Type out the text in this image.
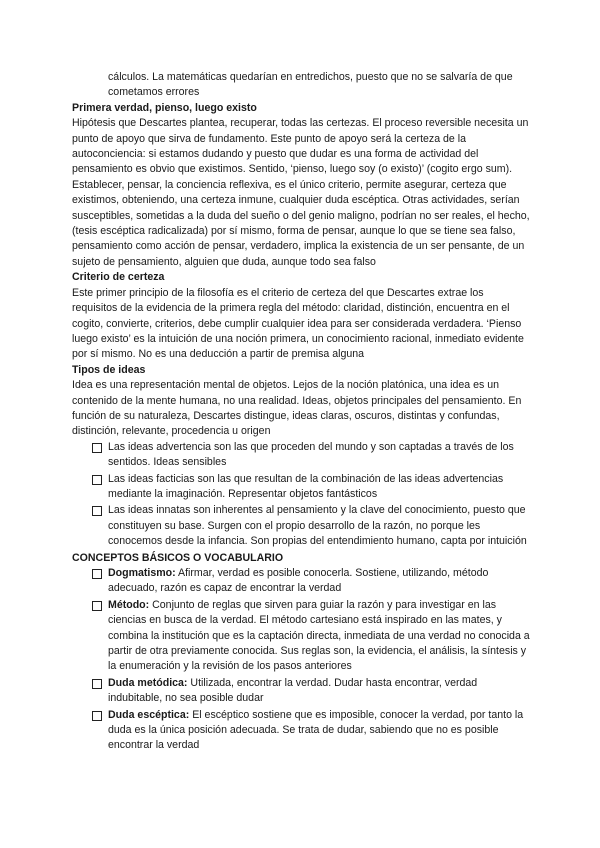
cálculos. La matemáticas quedarían en entredichos, puesto que no se salvaría de que cometamos errores

Primera verdad, pienso, luego existo

Hipótesis que Descartes plantea, recuperar, todas las certezas. El proceso reversible necesita un punto de apoyo que sirva de fundamento. Este punto de apoyo será la certeza de la autoconciencia: si estamos dudando y puesto que dudar es una forma de actividad del pensamiento es obvio que existimos. Sentido, ‘pienso, luego soy (o existo)’ (cogito ergo sum). Establecer, pensar, la conciencia reflexiva, es el único criterio, permite asegurar, certeza que existimos, obteniendo, una certeza inmune, cualquier duda escéptica. Otras actividades, serían susceptibles, sometidas a la duda del sueño o del genio maligno, podrían no ser reales, el hecho, (tesis escéptica radicalizada) por sí mismo, forma de pensar, aunque lo que se tiene sea falso, pensamiento como acción de pensar, verdadero, implica la existencia de un ser pensante, de un sujeto de pensamiento, alguien que duda, aunque todo sea falso

Criterio de certeza

Este primer principio de la filosofía es el criterio de certeza del que Descartes extrae los requisitos de la evidencia de la primera regla del método: claridad, distinción, encuentra en el cogito, convierte, criterios, debe cumplir cualquier idea para ser considerada verdadera. ‘Pienso luego existo’ es la intuición de una noción primera, un conocimiento racional, inmediato evidente por sí mismo. No es una deducción a partir de premisa alguna

Tipos de ideas

Idea es una representación mental de objetos. Lejos de la noción platónica, una idea es un contenido de la mente humana, no una realidad. Ideas, objetos principales del pensamiento. En función de su naturaleza, Descartes distingue, ideas claras, oscuros, distintas y confundas, distinción, relevante, procedencia u origen

Las ideas advertencia son las que proceden del mundo y son captadas a través de los sentidos. Ideas sensibles
Las ideas facticias son las que resultan de la combinación de las ideas advertencias mediante la imaginación. Representar objetos fantásticos
Las ideas innatas son inherentes al pensamiento y la clave del conocimiento, puesto que constituyen su base. Surgen con el propio desarrollo de la razón, no porque les conocemos desde la infancia. Son propias del entendimiento humano, capta por intuición
CONCEPTOS BÁSICOS O VOCABULARIO
Dogmatismo: Afirmar, verdad es posible conocerla. Sostiene, utilizando, método adecuado, razón es capaz de encontrar la verdad
Método: Conjunto de reglas que sirven para guiar la razón y para investigar en las ciencias en busca de la verdad. El método cartesiano está inspirado en las mates, y combina la institución que es la captación directa, inmediata de una verdad no conocida a partir de otra previamente conocida. Sus reglas son, la evidencia, el análisis, la síntesis y la enumeración y la revisión de los pasos anteriores
Duda metódica: Utilizada, encontrar la verdad. Dudar hasta encontrar, verdad indubitable, no sea posible dudar
Duda escéptica: El escéptico sostiene que es imposible, conocer la verdad, por tanto la duda es la única posición adecuada. Se trata de dudar, sabiendo que no es posible encontrar la verdad
